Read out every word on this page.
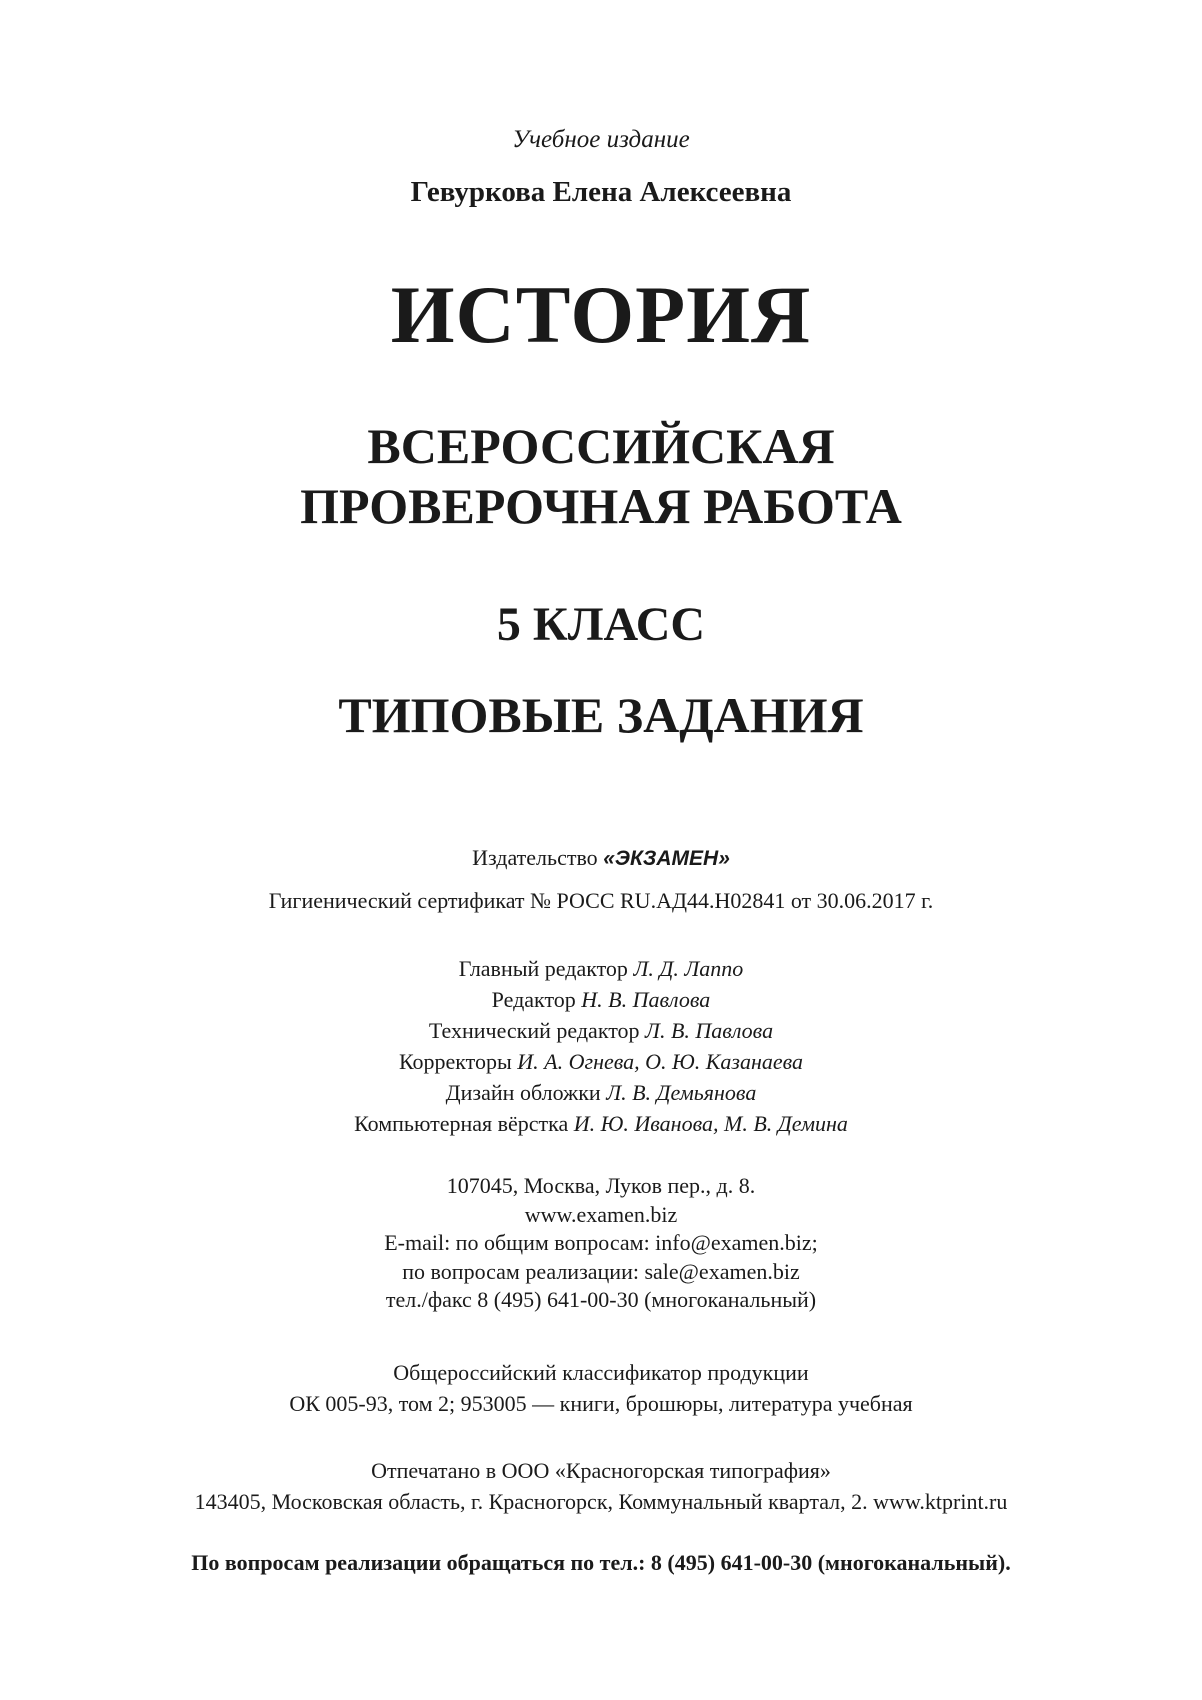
Учебное издание
Гевуркова Елена Алексеевна
ИСТОРИЯ
ВСЕРОССИЙСКАЯ
ПРОВЕРОЧНАЯ РАБОТА
5 КЛАСС
ТИПОВЫЕ ЗАДАНИЯ
Издательство «ЭКЗАМЕН»
Гигиенический сертификат № РОСС RU.АД44.Н02841 от 30.06.2017 г.
Главный редактор Л. Д. Лаппо
Редактор Н. В. Павлова
Технический редактор Л. В. Павлова
Корректоры И. А. Огнева, О. Ю. Казанаева
Дизайн обложки Л. В. Демьянова
Компьютерная вёрстка И. Ю. Иванова, М. В. Демина
107045, Москва, Луков пер., д. 8.
www.examen.biz
E-mail: по общим вопросам: info@examen.biz;
по вопросам реализации: sale@examen.biz
тел./факс 8 (495) 641-00-30 (многоканальный)
Общероссийский классификатор продукции
ОК 005-93, том 2; 953005 — книги, брошюры, литература учебная
Отпечатано в ООО «Красногорская типография»
143405, Московская область, г. Красногорск, Коммунальный квартал, 2. www.ktprint.ru
По вопросам реализации обращаться по тел.: 8 (495) 641-00-30 (многоканальный).
